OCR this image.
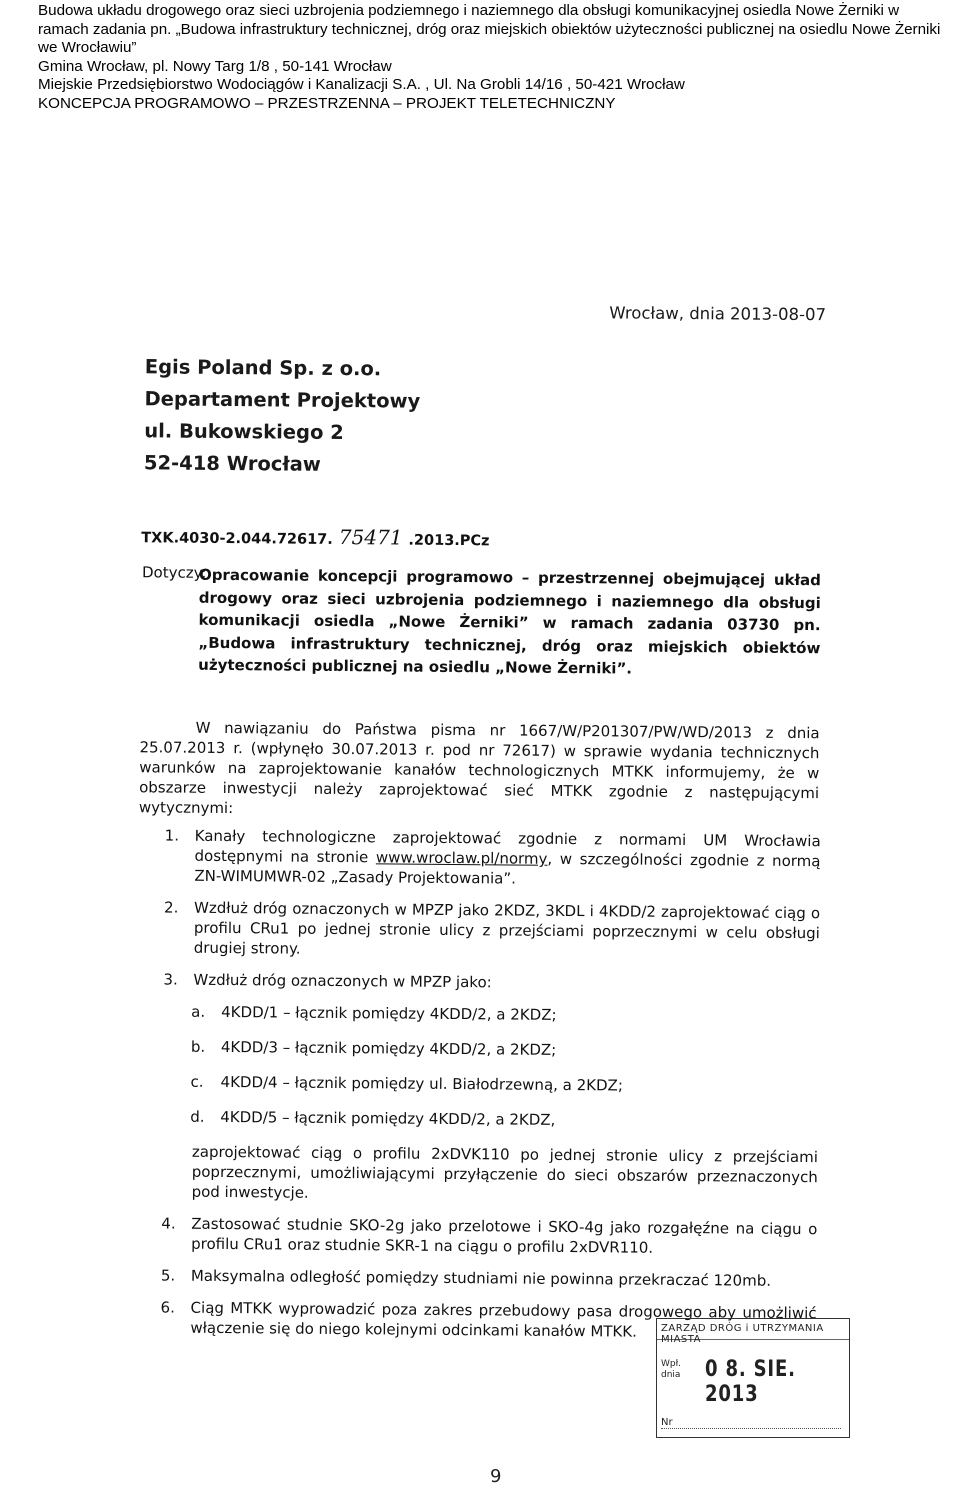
Budowa układu drogowego oraz sieci uzbrojenia podziemnego i naziemnego dla obsługi komunikacyjnej osiedla Nowe Żerniki w ramach zadania pn. „Budowa infrastruktury technicznej, dróg oraz miejskich obiektów użyteczności publicznej na osiedlu Nowe Żerniki we Wrocławiu”
Gmina Wrocław, pl. Nowy Targ 1/8 , 50-141 Wrocław
Miejskie Przedsiębiorstwo Wodociągów i Kanalizacji S.A. , Ul. Na Grobli 14/16 , 50-421 Wrocław
KONCEPCJA PROGRAMOWO – PRZESTRZENNA – PROJEKT TELETECHNICZNY
Wrocław, dnia 2013-08-07
Egis Poland Sp. z o.o.
Departament Projektowy
ul. Bukowskiego 2
52-418 Wrocław
TXK.4030-2.044.72617. 75471 .2013.PCz
Dotyczy:
Opracowanie koncepcji programowo – przestrzennej obejmującej układ drogowy oraz sieci uzbrojenia podziemnego i naziemnego dla obsługi komunikacji osiedla „Nowe Żerniki” w ramach zadania 03730 pn. „Budowa infrastruktury technicznej, dróg oraz miejskich obiektów użyteczności publicznej na osiedlu „Nowe Żerniki”.
W nawiązaniu do Państwa pisma nr 1667/W/P201307/PW/WD/2013 z dnia 25.07.2013 r. (wpłynęło 30.07.2013 r. pod nr 72617) w sprawie wydania technicznych warunków na zaprojektowanie kanałów technologicznych MTKK informujemy, że w obszarze inwestycji należy zaprojektować sieć MTKK zgodnie z następującymi wytycznymi:
1. Kanały technologiczne zaprojektować zgodnie z normami UM Wrocławia dostępnymi na stronie www.wroclaw.pl/normy, w szczególności zgodnie z normą ZN-WIMUMWR-02 „Zasady Projektowania”.
2. Wzdłuż dróg oznaczonych w MPZP jako 2KDZ, 3KDL i 4KDD/2 zaprojektować ciąg o profilu CRu1 po jednej stronie ulicy z przejściami poprzecznymi w celu obsługi drugiej strony.
3. Wzdłuż dróg oznaczonych w MPZP jako:
a. 4KDD/1 – łącznik pomiędzy 4KDD/2, a 2KDZ;
b. 4KDD/3 – łącznik pomiędzy 4KDD/2, a 2KDZ;
c. 4KDD/4 – łącznik pomiędzy ul. Białodrzewną, a 2KDZ;
d. 4KDD/5 – łącznik pomiędzy 4KDD/2, a 2KDZ,
zaprojektować ciąg o profilu 2xDVK110 po jednej stronie ulicy z przejściami poprzecznymi, umożliwiającymi przyłączenie do sieci obszarów przeznaczonych pod inwestycje.
4. Zastosować studnie SKO-2g jako przelotowe i SKO-4g jako rozgałęźne na ciągu o profilu CRu1 oraz studnie SKR-1 na ciągu o profilu 2xDVR110.
5. Maksymalna odległość pomiędzy studniami nie powinna przekraczać 120mb.
6. Ciąg MTKK wyprowadzić poza zakres przebudowy pasa drogowego aby umożliwić włączenie się do niego kolejnymi odcinkami kanałów MTKK.	ZARZĄD DRÓG i UTRZYMANIA MIASTA
Wpł. dnia 0 8. SIE. 2013
Nr
9
